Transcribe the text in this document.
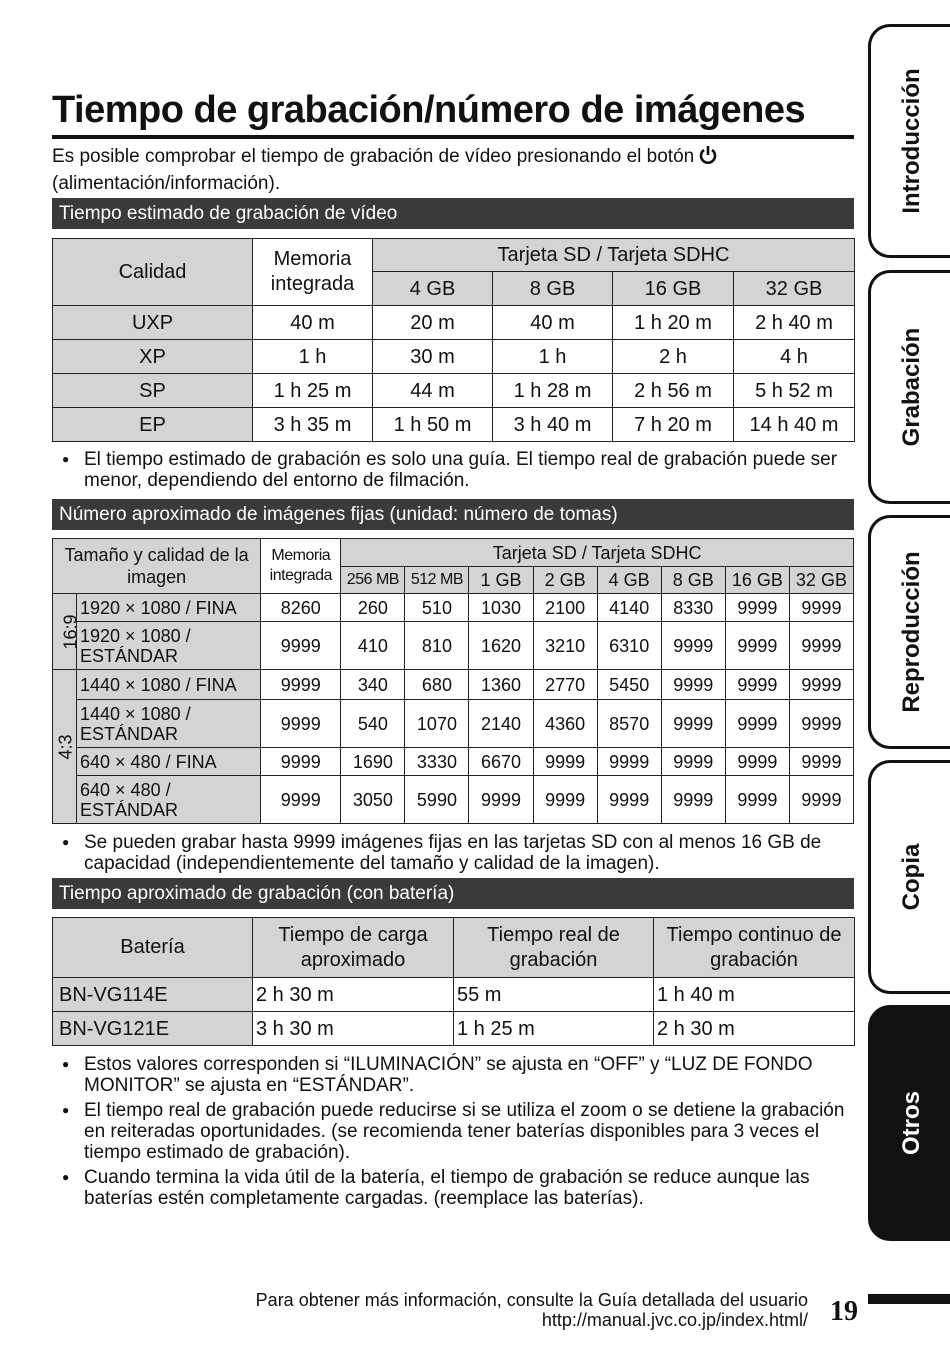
Tiempo de grabación/número de imágenes
Es posible comprobar el tiempo de grabación de vídeo presionando el botón
(alimentación/información).
Tiempo estimado de grabación de vídeo
Calidad	Memoria integrada	Tarjeta SD / Tarjeta SDHC			
		4 GB	8 GB	16 GB	32 GB
UXP	40 m	20 m	40 m	1 h 20 m	2 h 40 m
XP	1 h	30 m	1 h	2 h	4 h
SP	1 h 25 m	44 m	1 h 28 m	2 h 56 m	5 h 52 m
EP	3 h 35 m	1 h 50 m	3 h 40 m	7 h 20 m	14 h 40 m
● El tiempo estimado de grabación es solo una guía. El tiempo real de grabación puede ser menor, dependiendo del entorno de filmación.
Número aproximado de imágenes fijas (unidad: número de tomas)
Tamaño y calidad de la imagen		Memoria integrada	Tarjeta SD / Tarjeta SDHC							
			256 MB	512 MB	1 GB	2 GB	4 GB	8 GB	16 GB	32 GB
16:9	1920 × 1080 / FINA	8260	260	510	1030	2100	4140	8330	9999	9999
	1920 × 1080 / ESTÁNDAR	9999	410	810	1620	3210	6310	9999	9999	9999
4:3	1440 × 1080 / FINA	9999	340	680	1360	2770	5450	9999	9999	9999
	1440 × 1080 / ESTÁNDAR	9999	540	1070	2140	4360	8570	9999	9999	9999
	640 × 480 / FINA	9999	1690	3330	6670	9999	9999	9999	9999	9999
	640 × 480 / ESTÁNDAR	9999	3050	5990	9999	9999	9999	9999	9999	9999
● Se pueden grabar hasta 9999 imágenes fijas en las tarjetas SD con al menos 16 GB de capacidad (independientemente del tamaño y calidad de la imagen).
Tiempo aproximado de grabación (con batería)
Batería	Tiempo de carga aproximado	Tiempo real de grabación	Tiempo continuo de grabación
BN-VG114E	2 h 30 m	55 m	1 h 40 m
BN-VG121E	3 h 30 m	1 h 25 m	2 h 30 m
● Estos valores corresponden si “ILUMINACIÓN” se ajusta en “OFF” y “LUZ DE FONDO MONITOR” se ajusta en “ESTÁNDAR”.
● El tiempo real de grabación puede reducirse si se utiliza el zoom o se detiene la grabación en reiteradas oportunidades. (se recomienda tener baterías disponibles para 3 veces el tiempo estimado de grabación).
● Cuando termina la vida útil de la batería, el tiempo de grabación se reduce aunque las baterías estén completamente cargadas. (reemplace las baterías).
Introducción
Grabación
Reproducción
Copia
Otros
Para obtener más información, consulte la Guía detallada del usuario
http://manual.jvc.co.jp/index.html/ 19
